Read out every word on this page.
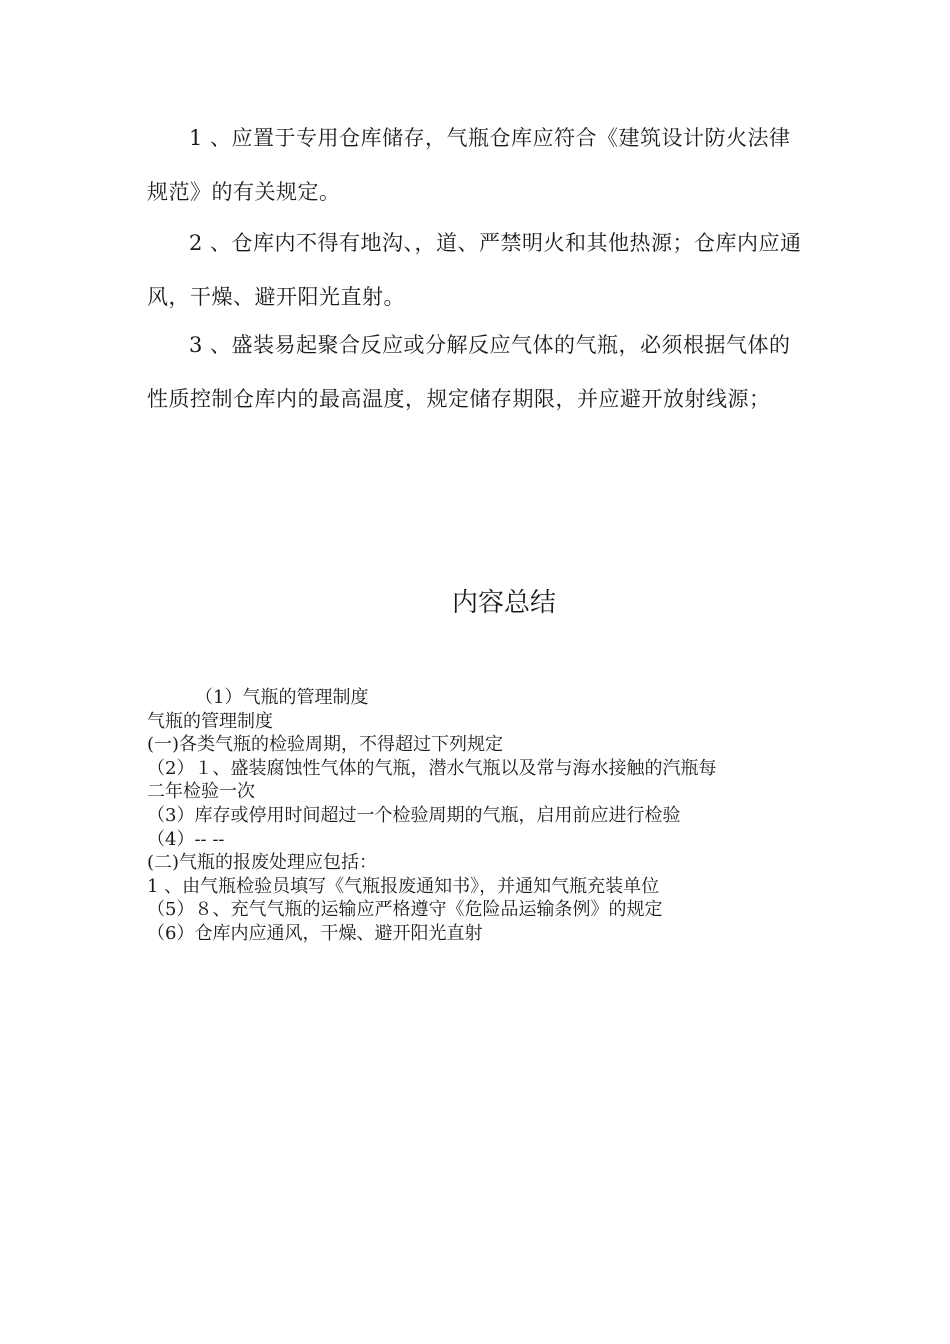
1 、应置于专用仓库储存，气瓶仓库应符合《建筑设计防火法律规范》的有关规定。

2 、仓库内不得有地沟、，道、严禁明火和其他热源；仓库内应通风，干燥、避开阳光直射。

3 、盛装易起聚合反应或分解反应气体的气瓶，必须根据气体的性质控制仓库内的最高温度，规定储存期限，并应避开放射线源；

内容总结
（1）气瓶的管理制度
气瓶的管理制度
(一)各类气瓶的检验周期，不得超过下列规定
（2）１、盛装腐蚀性气体的气瓶，潜水气瓶以及常与海水接触的汽瓶每
二年检验一次
（3）库存或停用时间超过一个检验周期的气瓶，启用前应进行检验
（4）-- --
(二)气瓶的报废处理应包括：
1 、由气瓶检验员填写《气瓶报废通知书》，并通知气瓶充装单位
（5）８、充气气瓶的运输应严格遵守《危险品运输条例》的规定
（6）仓库内应通风，干燥、避开阳光直射
